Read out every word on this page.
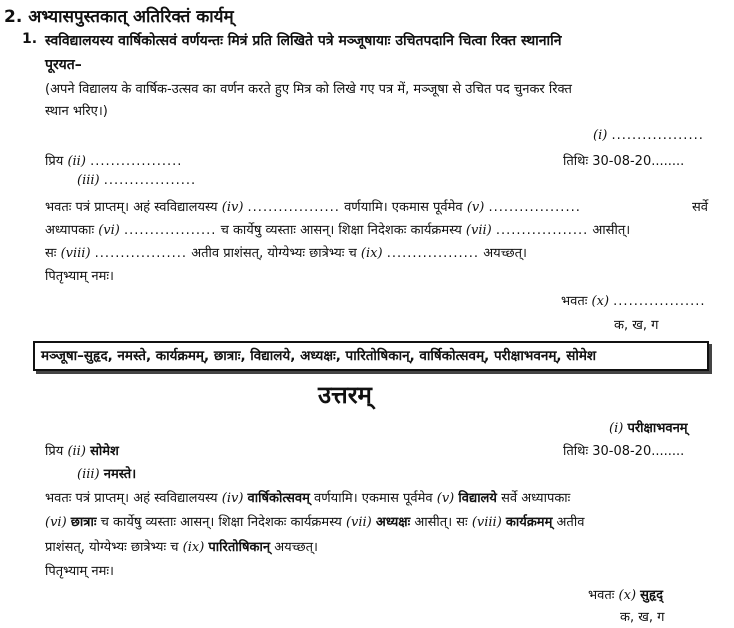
2. अभ्यासपुस्तकात् अतिरिक्तं कार्यम्
1. स्वविद्यालयस्य वार्षिकोत्सवं वर्णयन्तः मित्रं प्रति लिखिते पत्रे मञ्जूषायाः उचितपदानि चित्वा रिक्त स्थानानि
पूरयत–
(अपने विद्यालय के वार्षिक-उत्सव का वर्णन करते हुए मित्र को लिखे गए पत्र में, मञ्जूषा से उचित पद चुनकर रिक्त
स्थान भरिए।)
(i) ..................
प्रिय (ii) ..................	तिथिः 30-08-20........
(iii) ..................
भवतः पत्रं प्राप्तम्। अहं स्वविद्यालयस्य (iv) .................. वर्णयामि। एकमास पूर्वमेव (v) ..................	सर्वे
अध्यापकाः (vi) .................. च कार्येषु व्यस्ताः आसन्। शिक्षा निदेशकः कार्यक्रमस्य (vii) .................. आसीत्।
सः (viii) .................. अतीव प्राशंसत्, योग्येभ्यः छात्रेभ्यः च (ix) .................. अयच्छत्।
पितृभ्याम् नमः।
भवतः (x) ..................
क, ख, ग
मञ्जूषा–सुहृद, नमस्ते, कार्यक्रमम्, छात्राः, विद्यालये, अध्यक्षः, पारितोषिकान्, वार्षिकोत्सवम्, परीक्षाभवनम्, सोमेश
उत्तरम्
(i) परीक्षाभवनम्
प्रिय (ii) सोमेश	तिथिः 30-08-20........
(iii) नमस्ते।
भवतः पत्रं प्राप्तम्। अहं स्वविद्यालयस्य (iv) वार्षिकोत्सवम् वर्णयामि। एकमास पूर्वमेव (v) विद्यालये सर्वे अध्यापकाः
(vi) छात्राः च कार्येषु व्यस्ताः आसन्। शिक्षा निदेशकः कार्यक्रमस्य (vii) अध्यक्षः आसीत्। सः (viii) कार्यक्रमम् अतीव
प्राशंसत्, योग्येभ्यः छात्रेभ्यः च (ix) पारितोषिकान् अयच्छत्।
पितृभ्याम् नमः।
भवतः (x) सुहृद्
क, ख, ग
